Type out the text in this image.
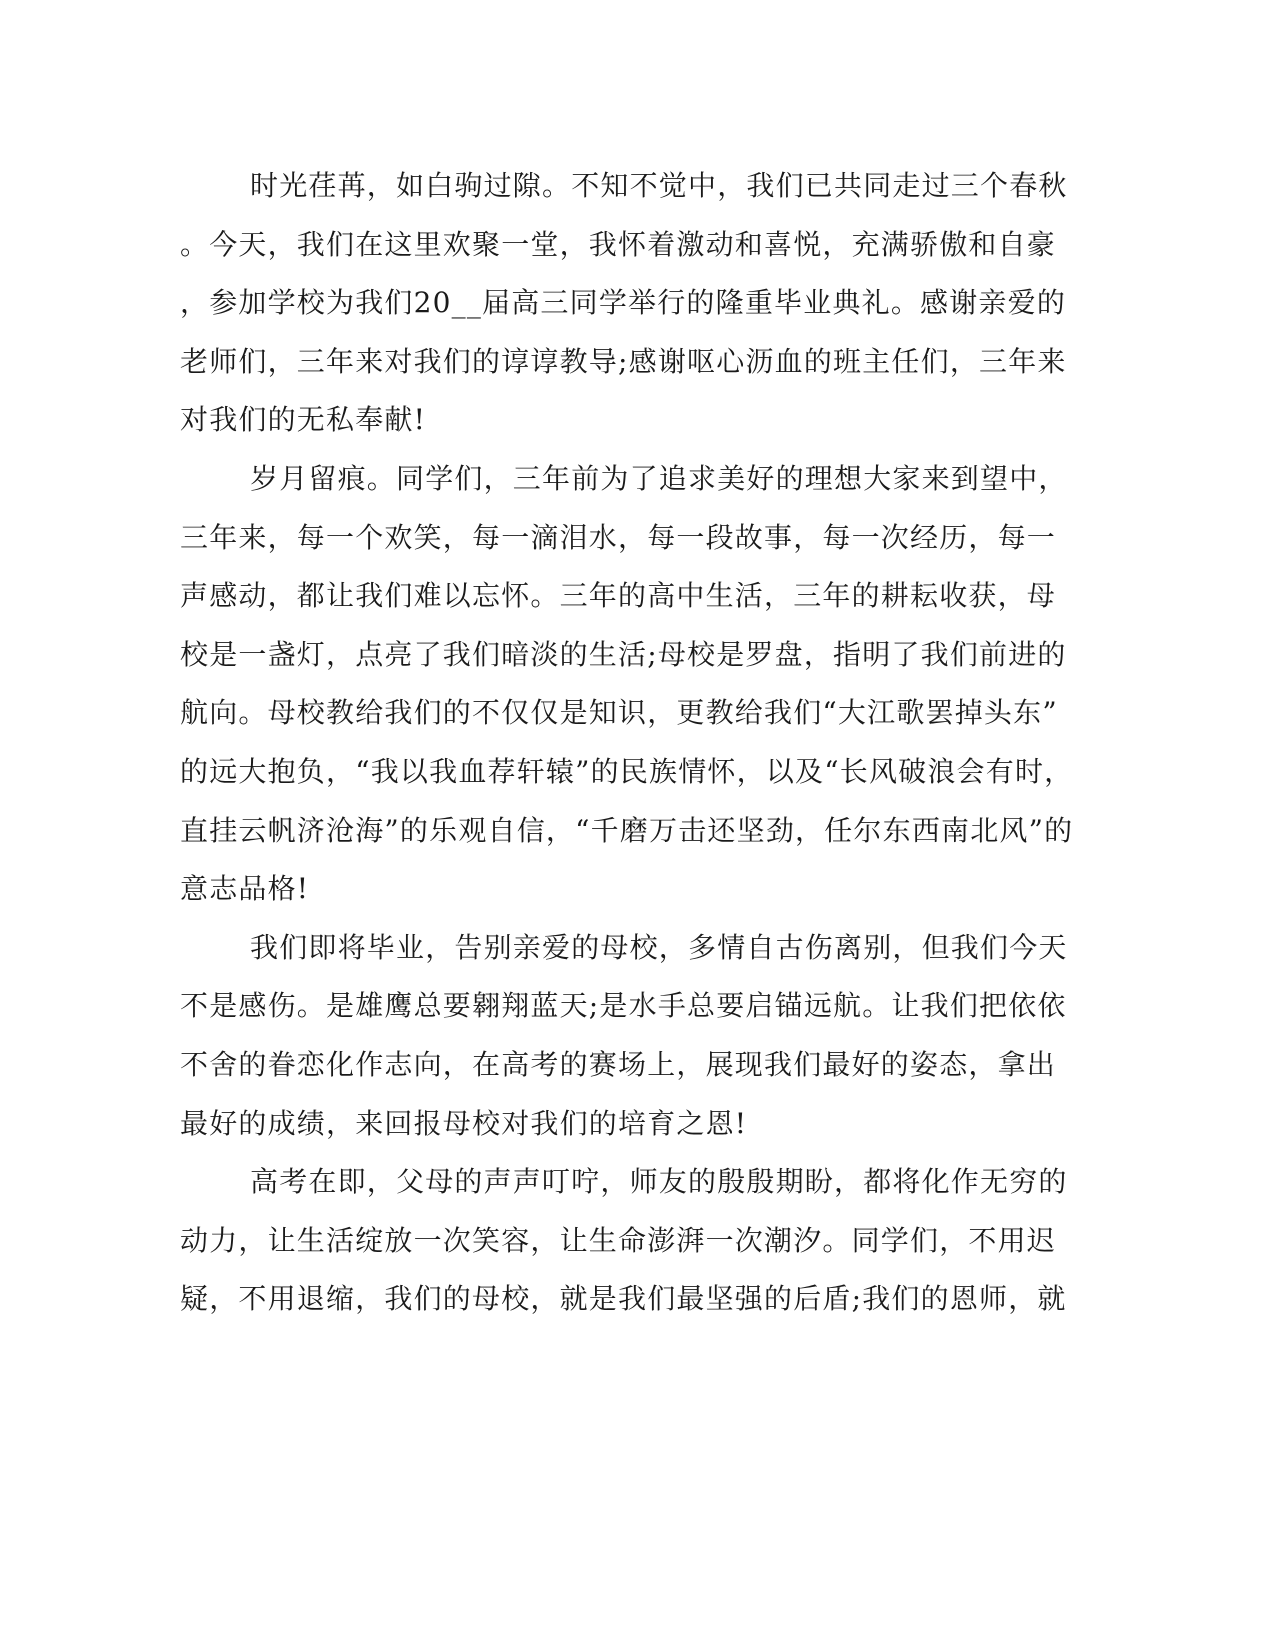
时光荏苒，如白驹过隙。不知不觉中，我们已共同走过三个春秋
。今天，我们在这里欢聚一堂，我怀着激动和喜悦，充满骄傲和自豪
，参加学校为我们20__届高三同学举行的隆重毕业典礼。感谢亲爱的
老师们，三年来对我们的谆谆教导;感谢呕心沥血的班主任们，三年来
对我们的无私奉献!
岁月留痕。同学们，三年前为了追求美好的理想大家来到望中，
三年来，每一个欢笑，每一滴泪水，每一段故事，每一次经历，每一
声感动，都让我们难以忘怀。三年的高中生活，三年的耕耘收获，母
校是一盏灯，点亮了我们暗淡的生活;母校是罗盘，指明了我们前进的
航向。母校教给我们的不仅仅是知识，更教给我们“大江歌罢掉头东”
的远大抱负，“我以我血荐轩辕”的民族情怀，以及“长风破浪会有时，
直挂云帆济沧海”的乐观自信，“千磨万击还坚劲，任尔东西南北风”的
意志品格!
我们即将毕业，告别亲爱的母校，多情自古伤离别，但我们今天
不是感伤。是雄鹰总要翱翔蓝天;是水手总要启锚远航。让我们把依依
不舍的眷恋化作志向，在高考的赛场上，展现我们最好的姿态，拿出
最好的成绩，来回报母校对我们的培育之恩!
高考在即，父母的声声叮咛，师友的殷殷期盼，都将化作无穷的
动力，让生活绽放一次笑容，让生命澎湃一次潮汐。同学们，不用迟
疑，不用退缩，我们的母校，就是我们最坚强的后盾;我们的恩师，就
